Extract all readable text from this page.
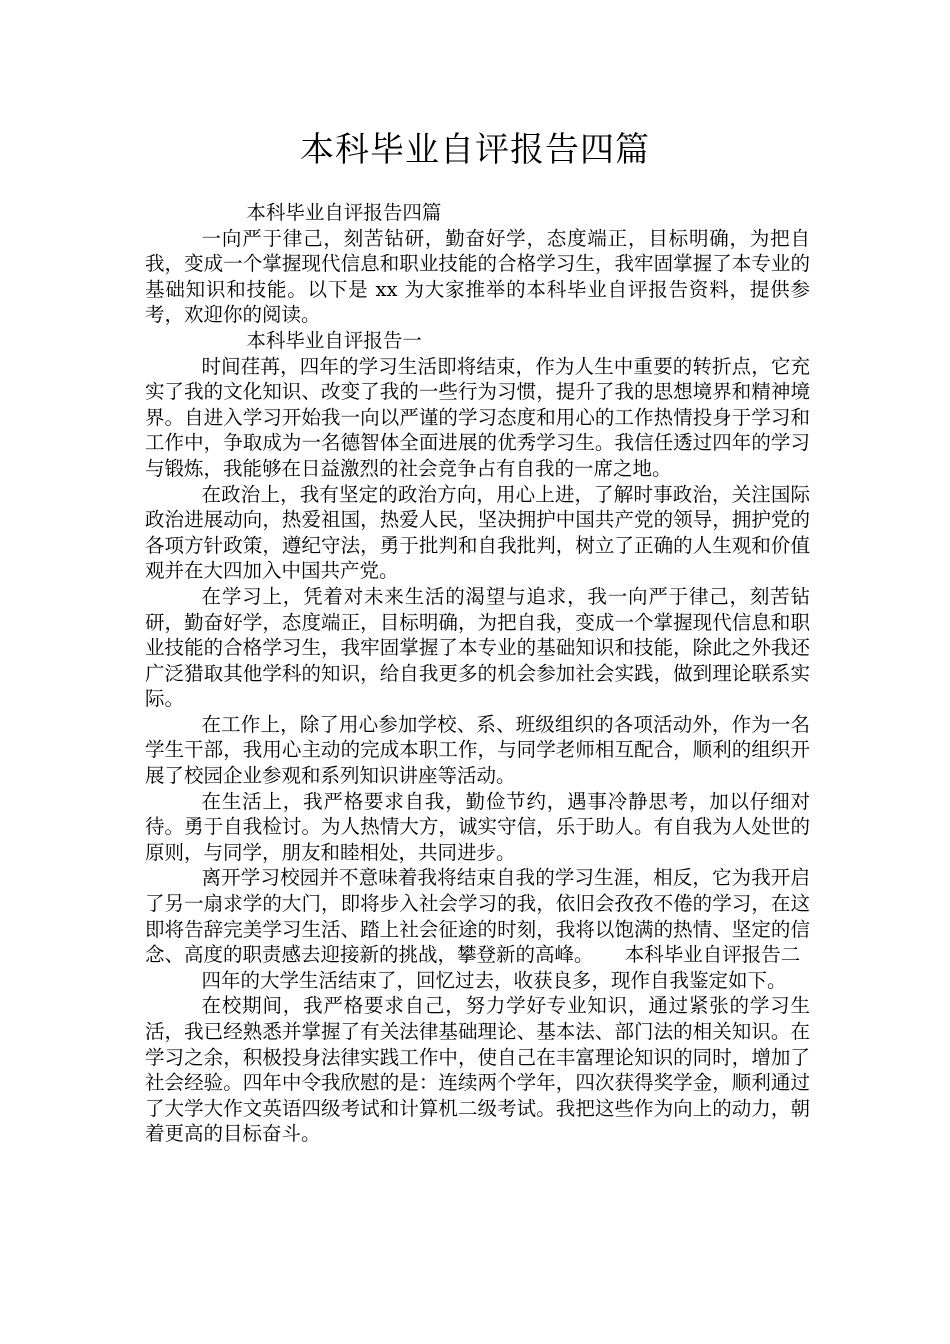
本科毕业自评报告四篇

本科毕业自评报告四篇

一向严于律己，刻苦钻研，勤奋好学，态度端正，目标明确，为把自我，变成一个掌握现代信息和职业技能的合格学习生，我牢固掌握了本专业的基础知识和技能。以下是 xx 为大家推举的本科毕业自评报告资料，提供参考，欢迎你的阅读。

本科毕业自评报告一

时间荏苒，四年的学习生活即将结束，作为人生中重要的转折点，它充实了我的文化知识、改变了我的一些行为习惯，提升了我的思想境界和精神境界。自进入学习开始我一向以严谨的学习态度和用心的工作热情投身于学习和工作中，争取成为一名德智体全面进展的优秀学习生。我信任透过四年的学习与锻炼，我能够在日益激烈的社会竞争占有自我的一席之地。

在政治上，我有坚定的政治方向，用心上进，了解时事政治，关注国际政治进展动向，热爱祖国，热爱人民，坚决拥护中国共产党的领导，拥护党的各项方针政策，遵纪守法，勇于批判和自我批判，树立了正确的人生观和价值观并在大四加入中国共产党。

在学习上，凭着对未来生活的渴望与追求，我一向严于律己，刻苦钻研，勤奋好学，态度端正，目标明确，为把自我，变成一个掌握现代信息和职业技能的合格学习生，我牢固掌握了本专业的基础知识和技能，除此之外我还广泛猎取其他学科的知识，给自我更多的机会参加社会实践，做到理论联系实际。

在工作上，除了用心参加学校、系、班级组织的各项活动外，作为一名学生干部，我用心主动的完成本职工作，与同学老师相互配合，顺利的组织开展了校园企业参观和系列知识讲座等活动。

在生活上，我严格要求自我，勤俭节约，遇事冷静思考，加以仔细对待。勇于自我检讨。为人热情大方，诚实守信，乐于助人。有自我为人处世的原则，与同学，朋友和睦相处，共同进步。

离开学习校园并不意味着我将结束自我的学习生涯，相反，它为我开启了另一扇求学的大门，即将步入社会学习的我，依旧会孜孜不倦的学习，在这即将告辞完美学习生活、踏上社会征途的时刻，我将以饱满的热情、坚定的信念、高度的职责感去迎接新的挑战，攀登新的高峰。 本科毕业自评报告二

四年的大学生活结束了，回忆过去，收获良多，现作自我鉴定如下。

在校期间，我严格要求自己，努力学好专业知识，通过紧张的学习生活，我已经熟悉并掌握了有关法律基础理论、基本法、部门法的相关知识。在学习之余，积极投身法律实践工作中，使自己在丰富理论知识的同时，增加了社会经验。四年中令我欣慰的是：连续两个学年，四次获得奖学金，顺利通过了大学大作文英语四级考试和计算机二级考试。我把这些作为向上的动力，朝着更高的目标奋斗。
